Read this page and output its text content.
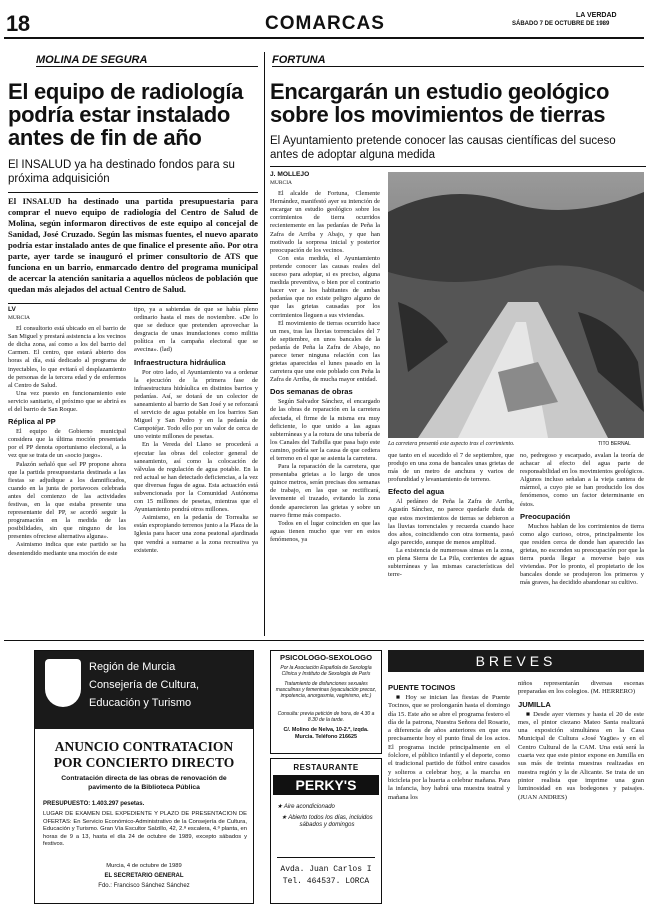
18	COMARCAS	LA VERDAD
SÁBADO 7 DE OCTUBRE DE 1989
MOLINA DE SEGURA
El equipo de radiología podría estar instalado antes de fin de año
El INSALUD ya ha destinado fondos para su próxima adquisición

El INSALUD ha destinado una partida presupuestaria para comprar el nuevo equipo de radiología del Centro de Salud de Molina, según informaron directivos de este equipo al concejal de Sanidad, José Cruzado. Según las mismas fuentes, el nuevo aparato podría estar instalado antes de que finalice el presente año. Por otra parte, ayer tarde se inauguró el primer consultorio de ATS que funciona en un barrio, enmarcado dentro del programa municipal de acercar la atención sanitaria a aquellos núcleos de población que quedan más alejados del actual Centro de Salud.

LV
MURCIA

El consultorio está ubicado en el barrio de San Miguel y prestará asistencia a los vecinos de dicha zona, así como a los del barrio del Carmen. El centro, que estará abierto dos horas al día, está dedicado al programa de inyectables, lo que evitará el desplazamiento de personas de la tercera edad y de enfermos al Centro de Salud.

Una vez puesto en funcionamiento este servicio sanitario, el próximo que se abrirá es el del barrio de San Roque.

Réplica al PP

El equipo de Gobierno municipal considera que la última moción presentada por el PP denota oportunismo electoral, a la vez que se trata de un «socio juego».

Palazón señaló que «el PP propone ahora que la partida presupuestaria destinada a las fiestas se adjudique a los damnificados, cuando en la junta de portavoces celebrada antes del comienzo de las actividades festivas, en la que estaba presente una representante del PP, se acordó seguir la programación en la medida de las posibilidades, sin que ninguno de los presentes ofreciese alternativa alguna».

Asimismo indica que este partido se ha desentendido mediante una moción de este

tipo, ya a sabiendas de que se había pleno ordinario hasta el mes de noviembre. «De lo que se deduce que pretenden aprovechar la desgracia de unas inundaciones como militia política en la campaña electoral que se avecina». (lad)

Infraestructura hidráulica

Por otro lado, el Ayuntamiento va a ordenar la ejecución de la primera fase de infraestructura hidráulica en distintos barrios y pedanías. Así, se dotará de un colector de saneamiento al barrio de San José y se reforzará el servicio de agua potable en los barrios San Miguel y San Pedro y en la pedanía de Campotéjar. Todo ello por un valor de cerca de uno veinte millones de pesetas.

En la Vereda del Llano se procederá a ejecutar las obras del colector general de saneamiento, así como la colocación de válvulas de regulación de agua potable. En la red actual se han detectado deficiencias, a la vez que diversas fugas de agua. Esta actuación está subvencionada por la Comunidad Autónoma con 15 millones de pesetas, mientras que el Ayuntamiento pondrá otros millones.

Asimismo, en la pedanía de Torrealta se están expropiando terrenos junto a la Plaza de la Iglesia para hacer una zona peatonal ajardinada que vendrá a sumarse a la zona recreativa ya existente.

FORTUNA
Encargarán un estudio geológico sobre los movimientos de tierras
El Ayuntamiento pretende conocer las causas científicas del suceso antes de adoptar alguna medida
J. MOLLEJO
MURCIA

El alcalde de Fortuna, Clemente Hernández, manifestó ayer su intención de encargar un estudio geológico sobre los corrimientos de tierra ocurridos recientemente en las pedanías de Peña la Zafra de Arriba y Abajo, y que han motivado la sorpresa inicial y posterior preocupación de los vecinos.

Con esta medida, el Ayuntamiento pretende conocer las causas reales del suceso para adoptar, si es preciso, alguna medida preventiva, o bien por el contrario hacer ver a los habitantes de ambas pedanías que no existe peligro alguno de que las grietas causadas por los corrimientos lleguen a sus viviendas.

El movimiento de tierras ocurrido hace un mes, tras las lluvias torrenciales del 7 de septiembre, en unos bancales de la pedanía de Peña la Zafra de Abajo, no parece tener ninguna relación con las grietas aparecidas el lunes pasado en la carretera que une este poblado con Peña la Zafra de Arriba, de mucha mayor entidad.

Dos semanas de obras

Según Salvador Sánchez, el encargado de las obras de reparación en la carretera afectada, el firme de la misma era muy deficiente, lo que unido a las aguas subterráneas y a la rotura de una tubería de los Canales del Taibilla que pasa bajo este camino, podría ser la causa de que cediera el terreno en el que se asienta la carretera.

Para la reparación de la carretera, que presentaba grietas a lo largo de unos quince metros, serán precisas dos semanas de trabajo, en las que se rectificará, levemente el trazado, evitando la zona donde aparecieron las grietas y sobre un nuevo firme más compacto.

Todos en el lugar coinciden en que las aguas tienen mucho que ver en estos fenómenos, ya

La carretera presentó este aspecto tras el corrimiento.	TITO BERNAL

que tanto en el sucedido el 7 de septiembre, que produjo en una zona de bancales unas grietas de más de un metro de anchura y varios de profundidad y levantamiento de terreno.

Efecto del agua

Al pedáneo de Peña la Zafra de Arriba, Agustín Sánchez, no parece quedarle duda de que estos movimientos de tierras se debieron a las lluvias torrenciales y recuerda cuando hace dos años, coincidiendo con otra tormenta, pasó algo parecido, aunque de menos amplitud.

La existencia de numerosas simas en la zona, en plena Sierra de La Pila, corrientes de aguas subterráneas y las mismas características del terre-

no, pedregoso y escarpado, avalan la teoría de achacar al efecto del agua parte de responsabilidad en los movimientos geológicos. Algunos incluso señalan a la vieja cantera de mármol, a cuyo pie se han producido los dos fenómenos, como un factor determinante en éstos.

Preocupación

Muchos hablan de los corrimientos de tierra como algo curioso, otros, principalmente los que residen cerca de donde han aparecido las grietas, no esconden su preocupación por que la tierra pueda llegar a moverse bajo sus viviendas. Por lo pronto, el propietario de los bancales donde se produjeron los primeros y más graves, ha decidido abandonar su cultivo.

Región de Murcia
Consejería de Cultura,
Educación y Turismo
ANUNCIO CONTRATACION
POR CONCIERTO DIRECTO
Contratación directa de las obras de renovación de pavimento de la Biblioteca Pública
PRESUPUESTO: 1.403.297 pesetas.
LUGAR DE EXAMEN DEL EXPEDIENTE Y PLAZO DE PRESENTACION DE OFERTAS: En Servicio Económico-Administrativo de la Consejería de Cultura, Educación y Turismo. Gran Vía Escultor Salzillo, 42, 2.ª escalera, 4.º planta, en horas de 9 a 13, hasta el día 24 de octubre de 1989, excepto sábados y festivos.
Murcia, 4 de octubre de 1989
EL SECRETARIO GENERAL
Fdo.: Francisco Sánchez Sánchez
PSICOLOGO-SEXOLOGO
Por la Asociación Española de Sexología Clínica y Instituto de Sexología de París
Tratamiento de disfunciones sexuales masculinas y femeninas (eyaculación precoz, impotencia, anorgasmia, vaginismo, etc.)
Consulta: previa petición de hora, de 4.30 a 8.30 de la tarde.
C/. Molino de Nelva, 10-2.º, izqda. Murcia. Teléfono 216625
RESTAURANTE
PERKY'S
★ Aire acondicionado
★ Abierto todos los días, incluidos sábados y domingos
Avda. Juan Carlos I
Tel. 464537. LORCA
BREVES
PUENTE TOCINOS

■ Hoy se inician las fiestas de Puente Tocinos, que se prolongarán hasta el domingo día 15. Este año se abre el programa festero el día de la patrona, Nuestra Señora del Rosario, a diferencia de años anteriores en que era precisamente hoy el punto final de los actos. El programa incide principalmente en el folclore, el público infantil y el deporte, como el tradicional partido de fútbol entre casados y solteros a celebrar hoy, a la marcha en bicicleta por la huerta a celebrar mañana. Para la infancia, hoy habrá una muestra teatral y mañana los

niños representarán diversas escenas preparadas en los colegios. (M. HERRERO)

JUMILLA

■ Desde ayer viernes y hasta el 20 de este mes, el pintor ciezano Mateo Santa realizará una exposición simultánea en la Casa Municipal de Cultura «José Yagüe» y en el Centro Cultural de la CAM. Una está será la cuarta vez que este pintor expone en Jumilla en sus más de treinta muestras realizadas en nuestra región y la de Alicante. Se trata de un pintor realista que imprime una gran luminosidad en sus bodegones y paisajes. (JUAN ANDRES)
